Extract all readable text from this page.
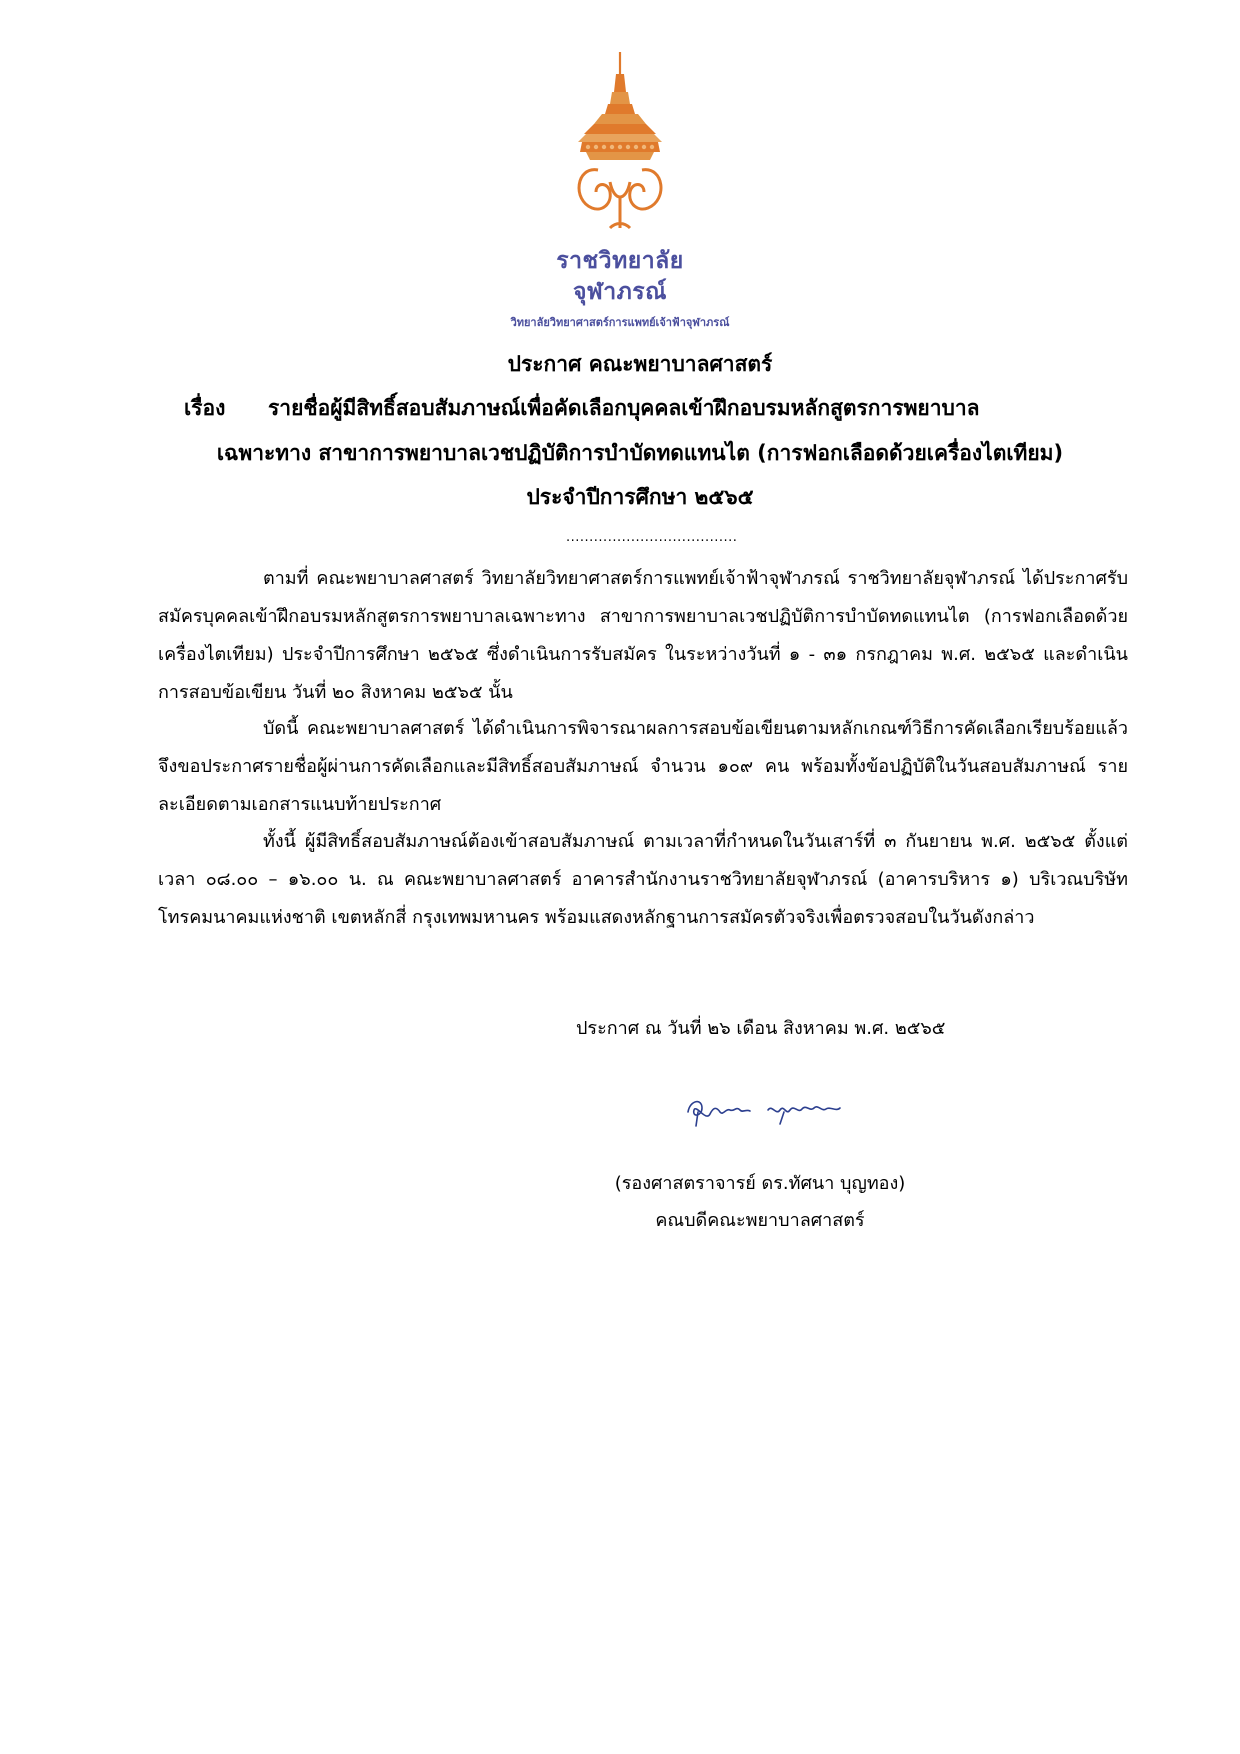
ราชวิทยาลัย
จุฬาภรณ์
วิทยาลัยวิทยาศาสตร์การแพทย์เจ้าฟ้าจุฬาภรณ์
ประกาศ คณะพยาบาลศาสตร์
เรื่อง รายชื่อผู้มีสิทธิ์สอบสัมภาษณ์เพื่อคัดเลือกบุคคลเข้าฝึกอบรมหลักสูตรการพยาบาล
เฉพาะทาง สาขาการพยาบาลเวชปฏิบัติการบำบัดทดแทนไต (การฟอกเลือดด้วยเครื่องไตเทียม)
ประจำปีการศึกษา ๒๕๖๕
.....................................

ตามที่ คณะพยาบาลศาสตร์ วิทยาลัยวิทยาศาสตร์การแพทย์เจ้าฟ้าจุฬาภรณ์ ราชวิทยาลัยจุฬาภรณ์ ได้ประกาศรับสมัครบุคคลเข้าฝึกอบรมหลักสูตรการพยาบาลเฉพาะทาง สาขาการพยาบาลเวชปฏิบัติการบำบัดทดแทนไต (การฟอกเลือดด้วยเครื่องไตเทียม) ประจำปีการศึกษา ๒๕๖๕ ซึ่งดำเนินการรับสมัคร ในระหว่างวันที่ ๑ - ๓๑ กรกฎาคม พ.ศ. ๒๕๖๕ และดำเนินการสอบข้อเขียน วันที่ ๒๐ สิงหาคม ๒๕๖๕ นั้น

บัดนี้ คณะพยาบาลศาสตร์ ได้ดำเนินการพิจารณาผลการสอบข้อเขียนตามหลักเกณฑ์วิธีการคัดเลือกเรียบร้อยแล้ว จึงขอประกาศรายชื่อผู้ผ่านการคัดเลือกและมีสิทธิ์สอบสัมภาษณ์ จำนวน ๑๐๙ คน พร้อมทั้งข้อปฏิบัติในวันสอบสัมภาษณ์ รายละเอียดตามเอกสารแนบท้ายประกาศ

ทั้งนี้ ผู้มีสิทธิ์สอบสัมภาษณ์ต้องเข้าสอบสัมภาษณ์ ตามเวลาที่กำหนดในวันเสาร์ที่ ๓ กันยายน พ.ศ. ๒๕๖๕ ตั้งแต่เวลา ๐๘.๐๐ – ๑๖.๐๐ น. ณ คณะพยาบาลศาสตร์ อาคารสำนักงานราชวิทยาลัยจุฬาภรณ์ (อาคารบริหาร ๑) บริเวณบริษัทโทรคมนาคมแห่งชาติ เขตหลักสี่ กรุงเทพมหานคร พร้อมแสดงหลักฐานการสมัครตัวจริงเพื่อตรวจสอบในวันดังกล่าว

ประกาศ ณ วันที่ ๒๖ เดือน สิงหาคม พ.ศ. ๒๕๖๕
(รองศาสตราจารย์ ดร.ทัศนา บุญทอง)
คณบดีคณะพยาบาลศาสตร์
